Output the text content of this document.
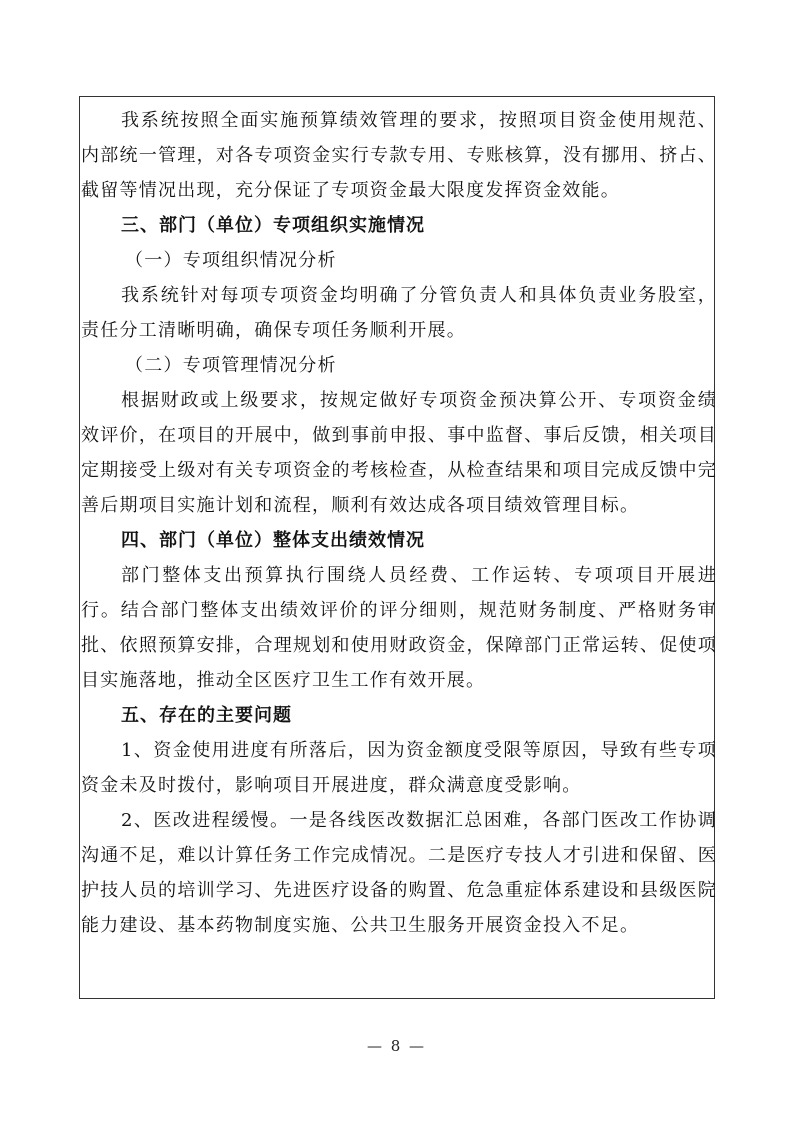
我系统按照全面实施预算绩效管理的要求，按照项目资金使用规范、内部统一管理，对各专项资金实行专款专用、专账核算，没有挪用、挤占、截留等情况出现，充分保证了专项资金最大限度发挥资金效能。

三、部门（单位）专项组织实施情况

（一）专项组织情况分析

我系统针对每项专项资金均明确了分管负责人和具体负责业务股室，责任分工清晰明确，确保专项任务顺利开展。

（二）专项管理情况分析

根据财政或上级要求，按规定做好专项资金预决算公开、专项资金绩效评价，在项目的开展中，做到事前申报、事中监督、事后反馈，相关项目定期接受上级对有关专项资金的考核检查，从检查结果和项目完成反馈中完善后期项目实施计划和流程，顺利有效达成各项目绩效管理目标。

四、部门（单位）整体支出绩效情况

部门整体支出预算执行围绕人员经费、工作运转、专项项目开展进行。结合部门整体支出绩效评价的评分细则，规范财务制度、严格财务审批、依照预算安排，合理规划和使用财政资金，保障部门正常运转、促使项目实施落地，推动全区医疗卫生工作有效开展。

五、存在的主要问题

1、资金使用进度有所落后，因为资金额度受限等原因，导致有些专项资金未及时拨付，影响项目开展进度，群众满意度受影响。

2、医改进程缓慢。一是各线医改数据汇总困难，各部门医改工作协调沟通不足，难以计算任务工作完成情况。二是医疗专技人才引进和保留、医护技人员的培训学习、先进医疗设备的购置、危急重症体系建设和县级医院能力建设、基本药物制度实施、公共卫生服务开展资金投入不足。

— 8 —
